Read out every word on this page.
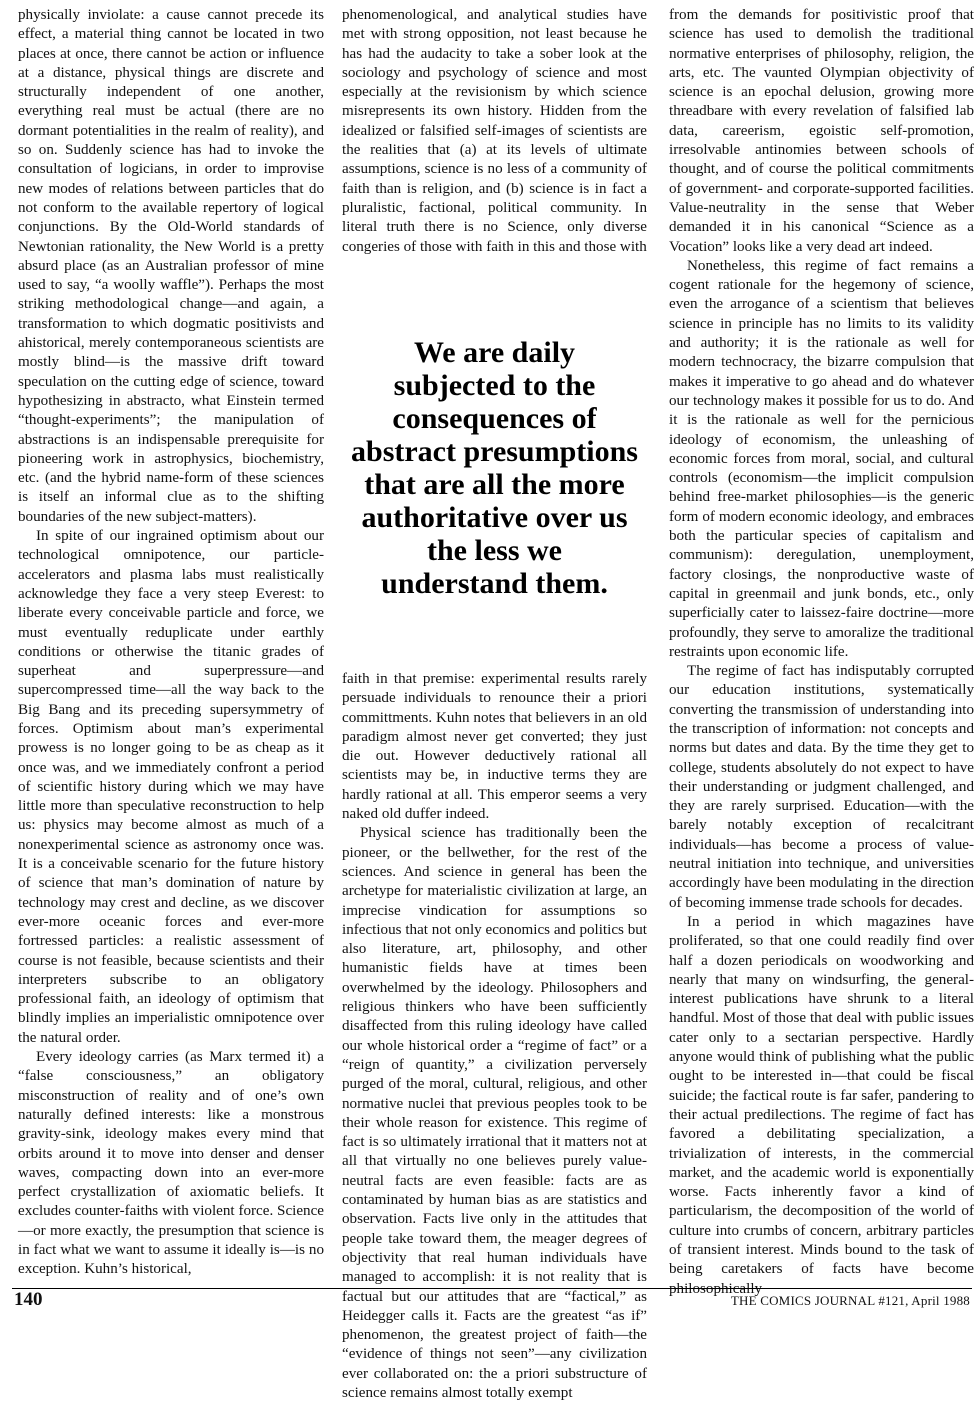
physically inviolate: a cause cannot precede its effect, a material thing cannot be located in two places at once, there cannot be action or influence at a distance, physical things are discrete and structurally independent of one another, everything real must be actual (there are no dormant potentialities in the realm of reality), and so on. Suddenly science has had to invoke the consultation of logicians, in order to improvise new modes of relations between particles that do not conform to the available repertory of logical conjunctions. By the Old-World standards of Newtonian rationality, the New World is a pretty absurd place (as an Australian professor of mine used to say, “a woolly waffle”). Perhaps the most striking methodological change—and again, a transformation to which dogmatic positivists and ahistorical, merely contemporaneous scientists are mostly blind—is the massive drift toward speculation on the cutting edge of science, toward hypothesizing in abstracto, what Einstein termed “thought-experiments”; the manipulation of abstractions is an indispensable prerequisite for pioneering work in astrophysics, biochemistry, etc. (and the hybrid name-form of these sciences is itself an informal clue as to the shifting boundaries of the new subject-matters).

In spite of our ingrained optimism about our technological omnipotence, our particle-accelerators and plasma labs must realistically acknowledge they face a very steep Everest: to liberate every conceivable particle and force, we must eventually reduplicate under earthly conditions or otherwise the titanic grades of superheat and superpressure—and supercompressed time—all the way back to the Big Bang and its preceding supersymmetry of forces. Optimism about man’s experimental prowess is no longer going to be as cheap as it once was, and we immediately confront a period of scientific history during which we may have little more than speculative reconstruction to help us: physics may become almost as much of a nonexperimental science as astronomy once was. It is a conceivable scenario for the future history of science that man’s domination of nature by technology may crest and decline, as we discover ever-more oceanic forces and ever-more fortressed particles: a realistic assessment of course is not feasible, because scientists and their interpreters subscribe to an obligatory professional faith, an ideology of optimism that blindly implies an imperialistic omnipotence over the natural order.

Every ideology carries (as Marx termed it) a “false consciousness,” an obligatory misconstruction of reality and of one’s own naturally defined interests: like a monstrous gravity-sink, ideology makes every mind that orbits around it to move into denser and denser waves, compacting down into an ever-more perfect crystallization of axiomatic beliefs. It excludes counter-faiths with violent force. Science—or more exactly, the presumption that science is in fact what we want to assume it ideally is—is no exception. Kuhn’s historical,

phenomenological, and analytical studies have met with strong opposition, not least because he has had the audacity to take a sober look at the sociology and psychology of science and most especially at the revisionism by which science misrepresents its own history. Hidden from the idealized or falsified self-images of scientists are the realities that (a) at its levels of ultimate assumptions, science is no less of a community of faith than is religion, and (b) science is in fact a pluralistic, factional, political community. In literal truth there is no Science, only diverse congeries of those with faith in this and those with

We are daily subjected to the consequences of abstract presumptions that are all the more authoritative over us the less we understand them.

faith in that premise: experimental results rarely persuade individuals to renounce their a priori committments. Kuhn notes that believers in an old paradigm almost never get converted; they just die out. However deductively rational all scientists may be, in inductive terms they are hardly rational at all. This emperor seems a very naked old duffer indeed.

Physical science has traditionally been the pioneer, or the bellwether, for the rest of the sciences. And science in general has been the archetype for materialistic civilization at large, an imprecise vindication for assumptions so infectious that not only economics and politics but also literature, art, philosophy, and other humanistic fields have at times been overwhelmed by the ideology. Philosophers and religious thinkers who have been sufficiently disaffected from this ruling ideology have called our whole historical order a “regime of fact” or a “reign of quantity,” a civilization perversely purged of the moral, cultural, religious, and other normative nuclei that previous peoples took to be their whole reason for existence. This regime of fact is so ultimately irrational that it matters not at all that virtually no one believes purely value-neutral facts are even feasible: facts are as contaminated by human bias as are statistics and observation. Facts live only in the attitudes that people take toward them, the meager degrees of objectivity that real human individuals have managed to accomplish: it is not reality that is factual but our attitudes that are “factical,” as Heidegger calls it. Facts are the greatest “as if” phenomenon, the greatest project of faith—the “evidence of things not seen”—any civilization ever collaborated on: the a priori substructure of science remains almost totally exempt

from the demands for positivistic proof that science has used to demolish the traditional normative enterprises of philosophy, religion, the arts, etc. The vaunted Olympian objectivity of science is an epochal delusion, growing more threadbare with every revelation of falsified lab data, careerism, egoistic self-promotion, irresolvable antinomies between schools of thought, and of course the political commitments of government- and corporate-supported facilities. Value-neutrality in the sense that Weber demanded it in his canonical “Science as a Vocation” looks like a very dead art indeed.

Nonetheless, this regime of fact remains a cogent rationale for the hegemony of science, even the arrogance of a scientism that believes science in principle has no limits to its validity and authority; it is the rationale as well for modern technocracy, the bizarre compulsion that makes it imperative to go ahead and do whatever our technology makes it possible for us to do. And it is the rationale as well for the pernicious ideology of economism, the unleashing of economic forces from moral, social, and cultural controls (economism—the implicit compulsion behind free-market philosophies—is the generic form of modern economic ideology, and embraces both the particular species of capitalism and communism): deregulation, unemployment, factory closings, the nonproductive waste of capital in greenmail and junk bonds, etc., only superficially cater to laissez-faire doctrine—more profoundly, they serve to amoralize the traditional restraints upon economic life.

The regime of fact has indisputably corrupted our education institutions, systematically converting the transmission of understanding into the transcription of information: not concepts and norms but dates and data. By the time they get to college, students absolutely do not expect to have their understanding or judgment challenged, and they are rarely surprised. Education—with the barely notably exception of recalcitrant individuals—has become a process of value-neutral initiation into technique, and universities accordingly have been modulating in the direction of becoming immense trade schools for decades.

In a period in which magazines have proliferated, so that one could readily find over half a dozen periodicals on woodworking and nearly that many on windsurfing, the general-interest publications have shrunk to a literal handful. Most of those that deal with public issues cater only to a sectarian perspective. Hardly anyone would think of publishing what the public ought to be interested in—that could be fiscal suicide; the factical route is far safer, pandering to their actual predilections. The regime of fact has favored a debilitating specialization, a trivialization of interests, in the commercial market, and the academic world is exponentially worse. Facts inherently favor a kind of particularism, the decomposition of the world of culture into crumbs of concern, arbitrary particles of transient interest. Minds bound to the task of being caretakers of facts have become philosophically

140	THE COMICS JOURNAL #121, April 1988
